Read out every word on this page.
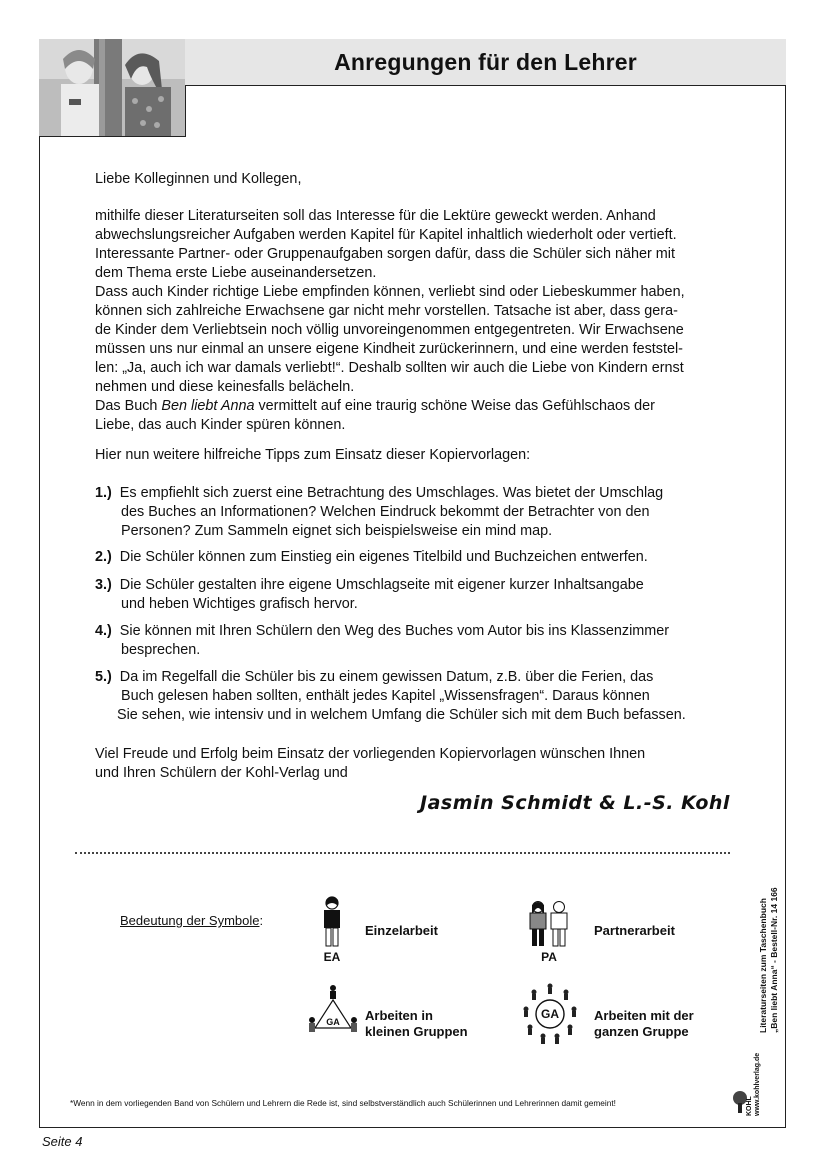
Anregungen für den Lehrer
Liebe Kolleginnen und Kollegen,
mithilfe dieser Literaturseiten soll das Interesse für die Lektüre geweckt werden. Anhand
abwechslungsreicher Aufgaben werden Kapitel für Kapitel inhaltlich wiederholt oder vertieft.
Interessante Partner- oder Gruppenaufgaben sorgen dafür, dass die Schüler sich näher mit
dem Thema erste Liebe auseinandersetzen.
Dass auch Kinder richtige Liebe empfinden können, verliebt sind oder Liebeskummer haben,
können sich zahlreiche Erwachsene gar nicht mehr vorstellen. Tatsache ist aber, dass gera-
de Kinder dem Verliebtsein noch völlig unvoreingenommen entgegentreten. Wir Erwachsene
müssen uns nur einmal an unsere eigene Kindheit zurückerinnern, und eine werden feststel-
len: „Ja, auch ich war damals verliebt!“. Deshalb sollten wir auch die Liebe von Kindern ernst
nehmen und diese keinesfalls belächeln.
Das Buch Ben liebt Anna vermittelt auf eine traurig schöne Weise das Gefühlschaos der
Liebe, das auch Kinder spüren können.
Hier nun weitere hilfreiche Tipps zum Einsatz dieser Kopiervorlagen:
1.) Es empfiehlt sich zuerst eine Betrachtung des Umschlages. Was bietet der Umschlag
des Buches an Informationen? Welchen Eindruck bekommt der Betrachter von den
Personen? Zum Sammeln eignet sich beispielsweise ein mind map.
2.) Die Schüler können zum Einstieg ein eigenes Titelbild und Buchzeichen entwerfen.
3.) Die Schüler gestalten ihre eigene Umschlagseite mit eigener kurzer Inhaltsangabe
und heben Wichtiges grafisch hervor.
4.) Sie können mit Ihren Schülern den Weg des Buches vom Autor bis ins Klassenzimmer
besprechen.
5.) Da im Regelfall die Schüler bis zu einem gewissen Datum, z.B. über die Ferien, das
Buch gelesen haben sollten, enthält jedes Kapitel „Wissensfragen“. Daraus können
Sie sehen, wie intensiv und in welchem Umfang die Schüler sich mit dem Buch befassen.
Viel Freude und Erfolg beim Einsatz der vorliegenden Kopiervorlagen wünschen Ihnen
und Ihren Schülern der Kohl-Verlag und
Jasmin Schmidt & L.-S. Kohl
Bedeutung der Symbole:
EA
Einzelarbeit
PA
Partnerarbeit
GA	Arbeiten in
kleinen Gruppen
GA	Arbeiten mit der
ganzen Gruppe
*Wenn in dem vorliegenden Band von Schülern und Lehrern die Rede ist, sind selbstverständlich auch Schülerinnen und Lehrerinnen damit gemeint!
Literaturseiten zum Taschenbuch „Ben liebt Anna“ - Bestell-Nr. 14 166
KOHL www.kohlverlag.de
Seite 4
